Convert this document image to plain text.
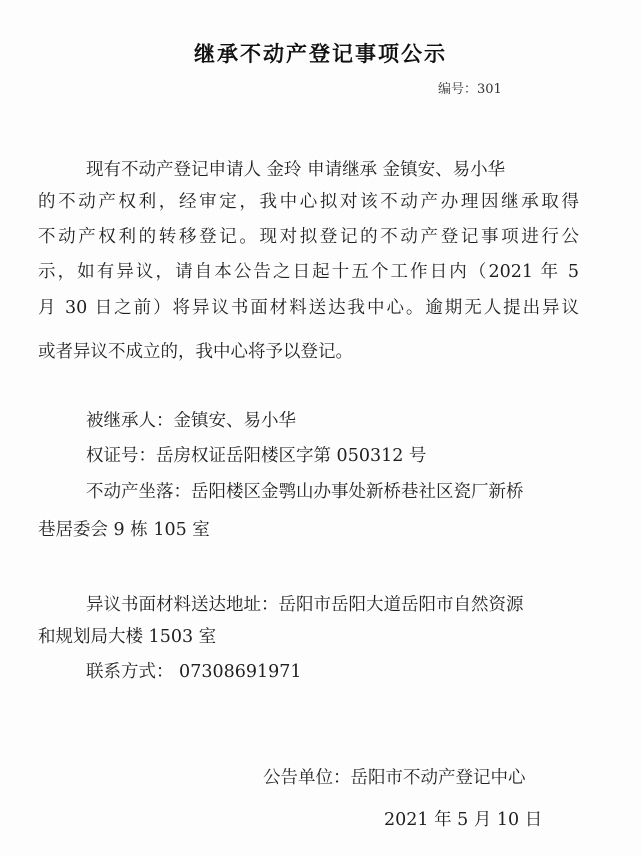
继承不动产登记事项公示
编号：301
现有不动产登记申请人 金玲 申请继承 金镇安、易小华
的不动产权利，经审定，我中心拟对该不动产办理因继承取得
不动产权利的转移登记。现对拟登记的不动产登记事项进行公
示，如有异议，请自本公告之日起十五个工作日内（2021 年 5
月 30 日之前）将异议书面材料送达我中心。逾期无人提出异议
或者异议不成立的，我中心将予以登记。
被继承人：金镇安、易小华
权证号：岳房权证岳阳楼区字第 050312 号
不动产坐落：岳阳楼区金鹗山办事处新桥巷社区瓷厂新桥
巷居委会 9 栋 105 室
异议书面材料送达地址：岳阳市岳阳大道岳阳市自然资源
和规划局大楼 1503 室
联系方式： 07308691971
公告单位：岳阳市不动产登记中心
2021 年 5 月 10 日
